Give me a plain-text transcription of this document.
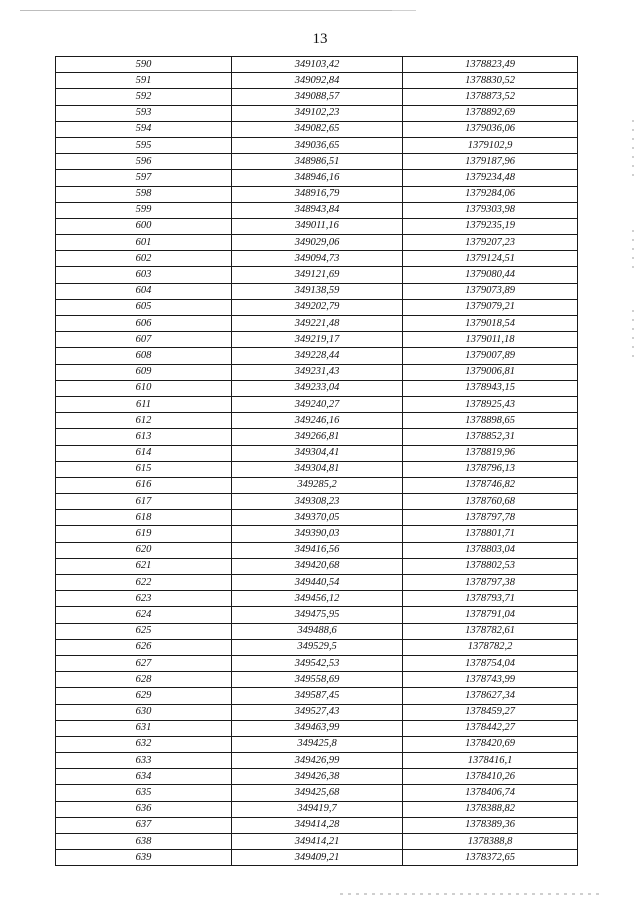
13
590	349103,42	1378823,49
591	349092,84	1378830,52
592	349088,57	1378873,52
593	349102,23	1378892,69
594	349082,65	1379036,06
595	349036,65	1379102,9
596	348986,51	1379187,96
597	348946,16	1379234,48
598	348916,79	1379284,06
599	348943,84	1379303,98
600	349011,16	1379235,19
601	349029,06	1379207,23
602	349094,73	1379124,51
603	349121,69	1379080,44
604	349138,59	1379073,89
605	349202,79	1379079,21
606	349221,48	1379018,54
607	349219,17	1379011,18
608	349228,44	1379007,89
609	349231,43	1379006,81
610	349233,04	1378943,15
611	349240,27	1378925,43
612	349246,16	1378898,65
613	349266,81	1378852,31
614	349304,41	1378819,96
615	349304,81	1378796,13
616	349285,2	1378746,82
617	349308,23	1378760,68
618	349370,05	1378797,78
619	349390,03	1378801,71
620	349416,56	1378803,04
621	349420,68	1378802,53
622	349440,54	1378797,38
623	349456,12	1378793,71
624	349475,95	1378791,04
625	349488,6	1378782,61
626	349529,5	1378782,2
627	349542,53	1378754,04
628	349558,69	1378743,99
629	349587,45	1378627,34
630	349527,43	1378459,27
631	349463,99	1378442,27
632	349425,8	1378420,69
633	349426,99	1378416,1
634	349426,38	1378410,26
635	349425,68	1378406,74
636	349419,7	1378388,82
637	349414,28	1378389,36
638	349414,21	1378388,8
639	349409,21	1378372,65
